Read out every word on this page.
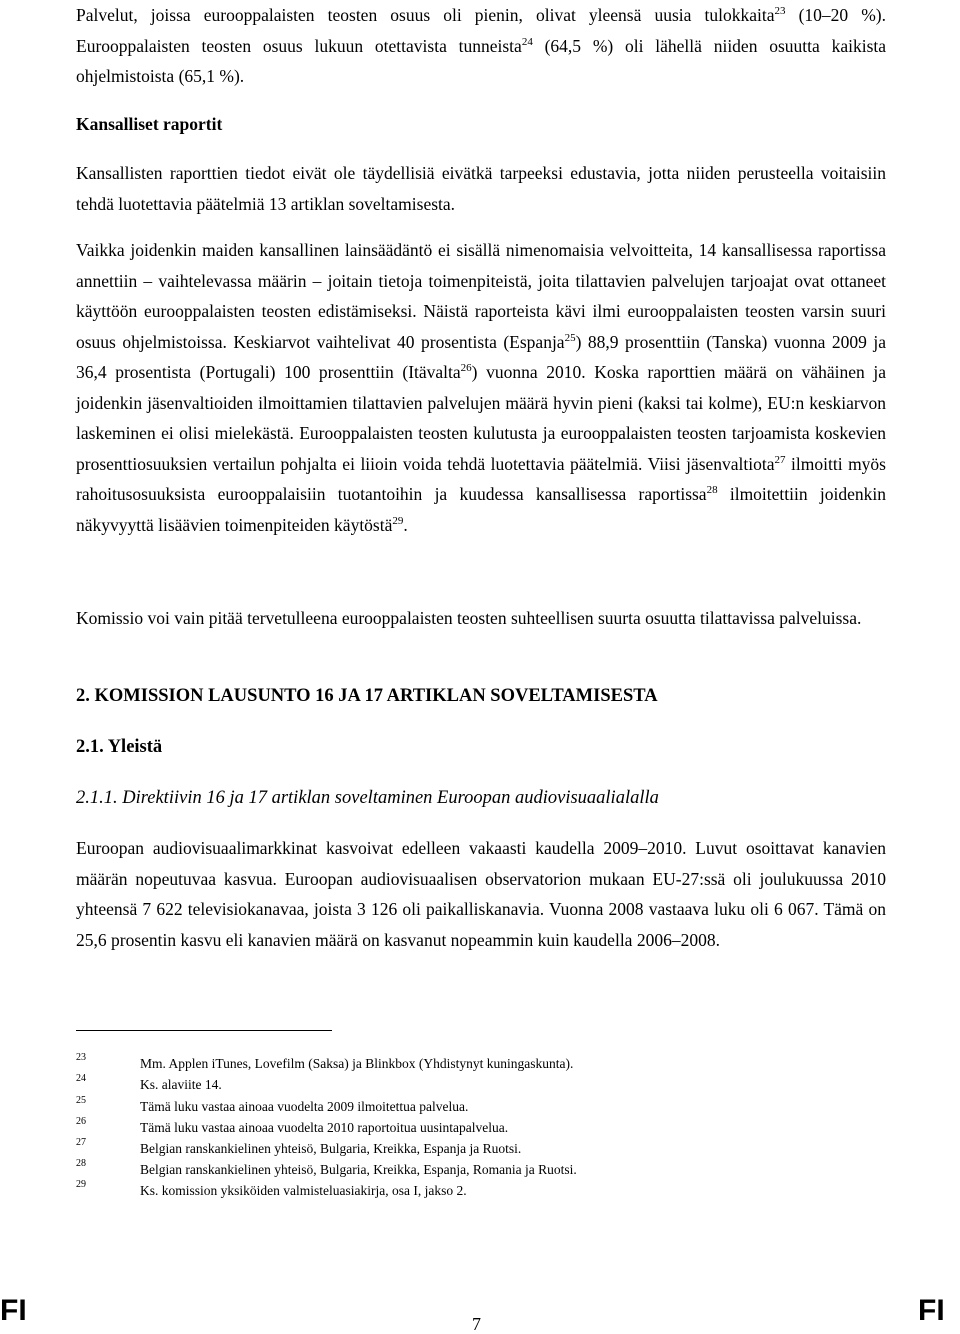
Palvelut, joissa eurooppalaisten teosten osuus oli pienin, olivat yleensä uusia tulokkaita$^{23}$ (10–20 %). Eurooppalaisten teosten osuus lukuun otettavista tunneista$^{24}$ (64,5 %) oli lähellä niiden osuutta kaikista ohjelmistoista (65,1 %).

Kansalliset raportit

Kansallisten raporttien tiedot eivät ole täydellisiä eivätkä tarpeeksi edustavia, jotta niiden perusteella voitaisiin tehdä luotettavia päätelmiä 13 artiklan soveltamisesta.

Vaikka joidenkin maiden kansallinen lainsäädäntö ei sisällä nimenomaisia velvoitteita, 14 kansallisessa raportissa annettiin – vaihtelevassa määrin – joitain tietoja toimenpiteistä, joita tilattavien palvelujen tarjoajat ovat ottaneet käyttöön eurooppalaisten teosten edistämiseksi. Näistä raporteista kävi ilmi eurooppalaisten teosten varsin suuri osuus ohjelmistoissa. Keskiarvot vaihtelivat 40 prosentista (Espanja$^{25}$) 88,9 prosenttiin (Tanska) vuonna 2009 ja 36,4 prosentista (Portugali) 100 prosenttiin (Itävalta$^{26}$) vuonna 2010. Koska raporttien määrä on vähäinen ja joidenkin jäsenvaltioiden ilmoittamien tilattavien palvelujen määrä hyvin pieni (kaksi tai kolme), EU:n keskiarvon laskeminen ei olisi mielekästä. Eurooppalaisten teosten kulutusta ja eurooppalaisten teosten tarjoamista koskevien prosenttiosuuksien vertailun pohjalta ei liioin voida tehdä luotettavia päätelmiä. Viisi jäsenvaltiota$^{27}$ ilmoitti myös rahoitusosuuksista eurooppalaisiin tuotantoihin ja kuudessa kansallisessa raportissa$^{28}$ ilmoitettiin joidenkin näkyvyyttä lisäävien toimenpiteiden käytöstä$^{29}$.

Komissio voi vain pitää tervetulleena eurooppalaisten teosten suhteellisen suurta osuutta tilattavissa palveluissa.

2. KOMISSION LAUSUNTO 16 JA 17 ARTIKLAN SOVELTAMISESTA

2.1. Yleistä

2.1.1. Direktiivin 16 ja 17 artiklan soveltaminen Euroopan audiovisuaalialalla

Euroopan audiovisuaalimarkkinat kasvoivat edelleen vakaasti kaudella 2009–2010. Luvut osoittavat kanavien määrän nopeutuvaa kasvua. Euroopan audiovisuaalisen observatorion mukaan EU-27:ssä oli joulukuussa 2010 yhteensä 7 622 televisiokanavaa, joista 3 126 oli paikalliskanavia. Vuonna 2008 vastaava luku oli 6 067. Tämä on 25,6 prosentin kasvu eli kanavien määrä on kasvanut nopeammin kuin kaudella 2006–2008.

23	Mm. Applen iTunes, Lovefilm (Saksa) ja Blinkbox (Yhdistynyt kuningaskunta).
24	Ks. alaviite 14.
25	Tämä luku vastaa ainoaa vuodelta 2009 ilmoitettua palvelua.
26	Tämä luku vastaa ainoaa vuodelta 2010 raportoitua uusintapalvelua.
27	Belgian ranskankielinen yhteisö, Bulgaria, Kreikka, Espanja ja Ruotsi.
28	Belgian ranskankielinen yhteisö, Bulgaria, Kreikka, Espanja, Romania ja Ruotsi.
29	Ks. komission yksiköiden valmisteluasiakirja, osa I, jakso 2.
FI	7	FI
